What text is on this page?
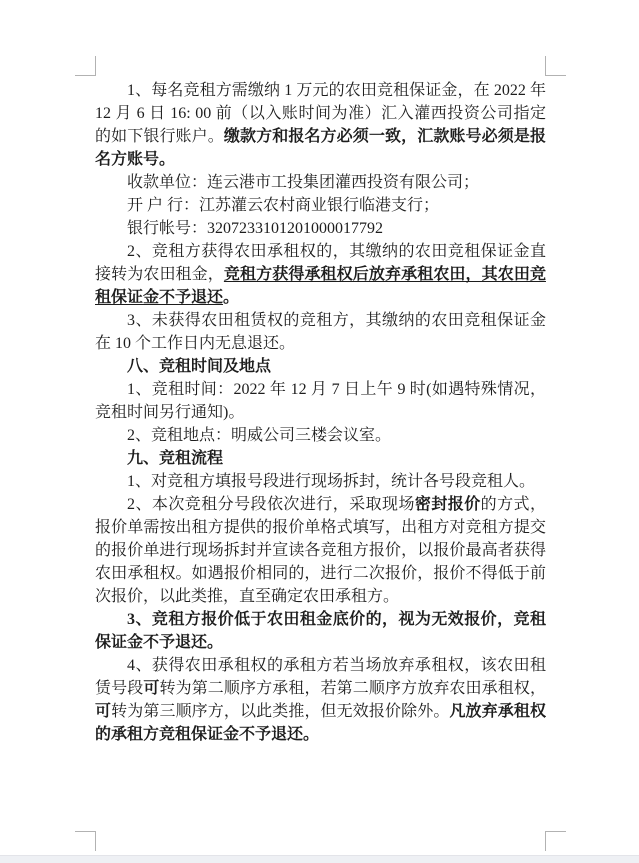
1、每名竞租方需缴纳 1 万元的农田竞租保证金，在 2022 年 12 月 6 日 16: 00 前（以入账时间为准）汇入灌西投资公司指定的如下银行账户。缴款方和报名方必须一致，汇款账号必须是报名方账号。

收款单位：连云港市工投集团灌西投资有限公司；

开 户 行：江苏灌云农村商业银行临港支行；

银行帐号：3207233101201000017792

2、竞租方获得农田承租权的，其缴纳的农田竞租保证金直接转为农田租金，竞租方获得承租权后放弃承租农田，其农田竞租保证金不予退还。

3、未获得农田租赁权的竞租方，其缴纳的农田竞租保证金在 10 个工作日内无息退还。

八、竞租时间及地点

1、竞租时间：2022 年 12 月 7 日上午 9 时(如遇特殊情况，竞租时间另行通知)。

2、竞租地点：明威公司三楼会议室。

九、竞租流程

1、对竞租方填报号段进行现场拆封，统计各号段竞租人。

2、本次竞租分号段依次进行，采取现场密封报价的方式，报价单需按出租方提供的报价单格式填写，出租方对竞租方提交的报价单进行现场拆封并宣读各竞租方报价，以报价最高者获得农田承租权。如遇报价相同的，进行二次报价，报价不得低于前次报价，以此类推，直至确定农田承租方。

3、竞租方报价低于农田租金底价的，视为无效报价，竞租保证金不予退还。

4、获得农田承租权的承租方若当场放弃承租权，该农田租赁号段可转为第二顺序方承租，若第二顺序方放弃农田承租权，可转为第三顺序方，以此类推，但无效报价除外。凡放弃承租权的承租方竞租保证金不予退还。
